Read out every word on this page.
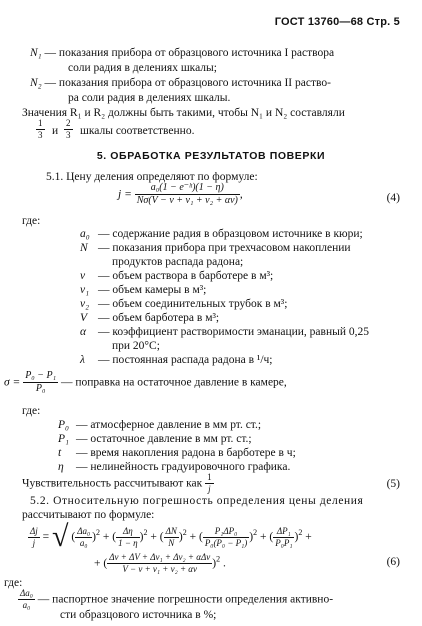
ГОСТ 13760—68 Стр. 5
N₁ — показания прибора от образцового источника I раствора
соли радия в делениях шкалы;
N₂ — показания прибора от образцового источника II раство-
ра соли радия в делениях шкалы.
Значения R₁ и R₂ должны быть такими, чтобы N₁ и N₂ составляли
$\frac{1}{3}$ и $\frac{2}{3}$ шкалы соответственно.
5. ОБРАБОТКА РЕЗУЛЬТАТОВ ПОВЕРКИ
5.1. Цену деления определяют по формуле:
$j = \frac{\text{a₀(1 − e⁻ˡᵗ)(1 − η)}}{\text{Nσ(V − v + v₁ + v₂ + αv)}}$ ,	(4)
где:
a₀ — содержание радия в образцовом источнике в кюри;
N — показания прибора при трехчасовом накоплении
продуктов распада радона;
v — объем раствора в барботере в м³;
v₁ — объем камеры в м³;
v₂ — объем соединительных трубок в м³;
V — объем барботера в м³;
α — коэффициент растворимости эманации, равный 0,25
при 20°С;
λ — постоянная распада радона в ¹/ч;
$\sigma = \frac{\text{P₀ − P₁}}{\text{P₀}}$ — поправка на остаточное давление в камере,
где:
P₀ — атмосферное давление в мм рт. ст.;
P₁ — остаточное давление в мм рт. ст.;
t — время накопления радона в барботере в ч;
η — нелинейность градуировочного графика.
Чувствительность рассчитывают как $\frac{1}{j}$	(5)
5.2. Относительную погрешность определения цены деления
рассчитывают по формуле:
$\frac{\Delta j}{j}$ = √ ( $\frac{\text{Δa₀}}{\text{a₀}} )^2$ + ( $\frac{\Delta\eta}{1 - \eta} )^2$ + ( $\frac{\Delta N}{N} )^2$ + ( $\frac{\text{P₁ΔP₀}}{\text{P₀(P₀ − P₁)}} )^2$ + ( $\frac{\text{ΔP₁}}{\text{P₀P₁}} )^2$ +
+ ( $\frac{\text{Δv + ΔV + Δv₁ + Δv₂ + αΔv}}{\text{V − v + v₁ + v₂ + αv}} )^2$ .	(6)
где:
$\frac{\text{Δa₀}}{\text{a₀}}$ — паспортное значение погрешности определения активно-
сти образцового источника в %;
